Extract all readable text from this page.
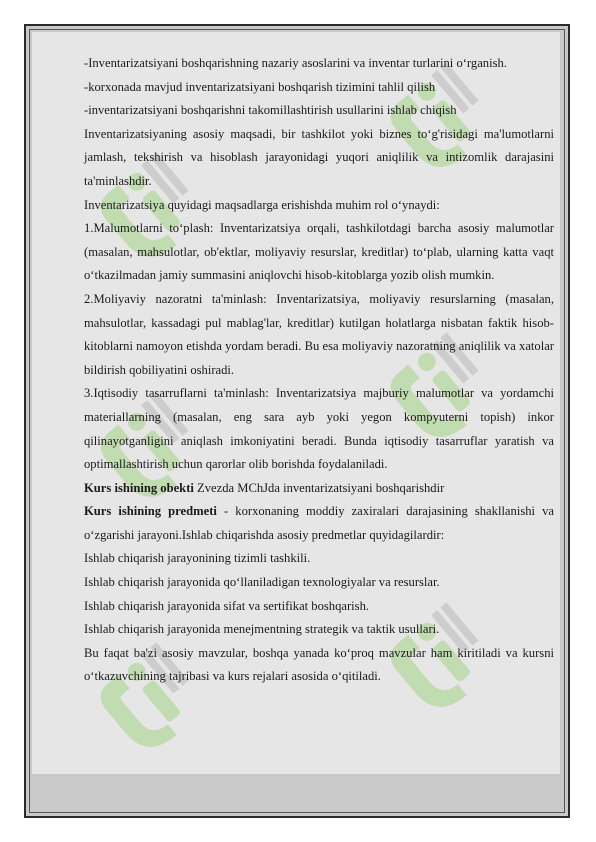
-Inventarizatsiyani boshqarishning nazariy asoslarini va inventar turlarini o‘rganish.

-korxonada mavjud inventarizatsiyani boshqarish tizimini tahlil qilish

-inventarizatsiyani boshqarishni takomillashtirish usullarini ishlab chiqish

Inventarizatsiyaning asosiy maqsadi, bir tashkilot yoki biznes to‘g'risidagi ma'lumotlarni jamlash, tekshirish va hisoblash jarayonidagi yuqori aniqlilik va intizomlik darajasini ta'minlashdir.

Inventarizatsiya quyidagi maqsadlarga erishishda muhim rol o‘ynaydi:

1.Malumotlarni to‘plash: Inventarizatsiya orqali, tashkilotdagi barcha asosiy malumotlar (masalan, mahsulotlar, ob'ektlar, moliyaviy resurslar, kreditlar) to‘plab, ularning katta vaqt o‘tkazilmadan jamiy summasini aniqlovchi hisob-kitoblarga yozib olish mumkin.

2.Moliyaviy nazoratni ta'minlash: Inventarizatsiya, moliyaviy resurslarning (masalan, mahsulotlar, kassadagi pul mablag'lar, kreditlar) kutilgan holatlarga nisbatan faktik hisob-kitoblarni namoyon etishda yordam beradi. Bu esa moliyaviy nazoratning aniqlilik va xatolar bildirish qobiliyatini oshiradi.

3.Iqtisodiy tasarruflarni ta'minlash: Inventarizatsiya majburiy malumotlar va yordamchi materiallarning (masalan, eng sara ayb yoki yegon kompyuterni topish) inkor qilinayotganligini aniqlash imkoniyatini beradi. Bunda iqtisodiy tasarruflar yaratish va optimallashtirish uchun qarorlar olib borishda foydalaniladi.

Kurs ishining obekti Zvezda MChJda inventarizatsiyani boshqarishdir

Kurs ishining predmeti - korxonaning moddiy zaxiralari darajasining shakllanishi va o‘zgarishi jarayoni.Ishlab chiqarishda asosiy predmetlar quyidagilardir:

Ishlab chiqarish jarayonining tizimli tashkili.

Ishlab chiqarish jarayonida qo‘llaniladigan texnologiyalar va resurslar.

Ishlab chiqarish jarayonida sifat va sertifikat boshqarish.

Ishlab chiqarish jarayonida menejmentning strategik va taktik usullari.

Bu faqat ba'zi asosiy mavzular, boshqa yanada ko‘proq mavzular ham kiritiladi va kursni o‘tkazuvchining tajribasi va kurs rejalari asosida o‘qitiladi.
